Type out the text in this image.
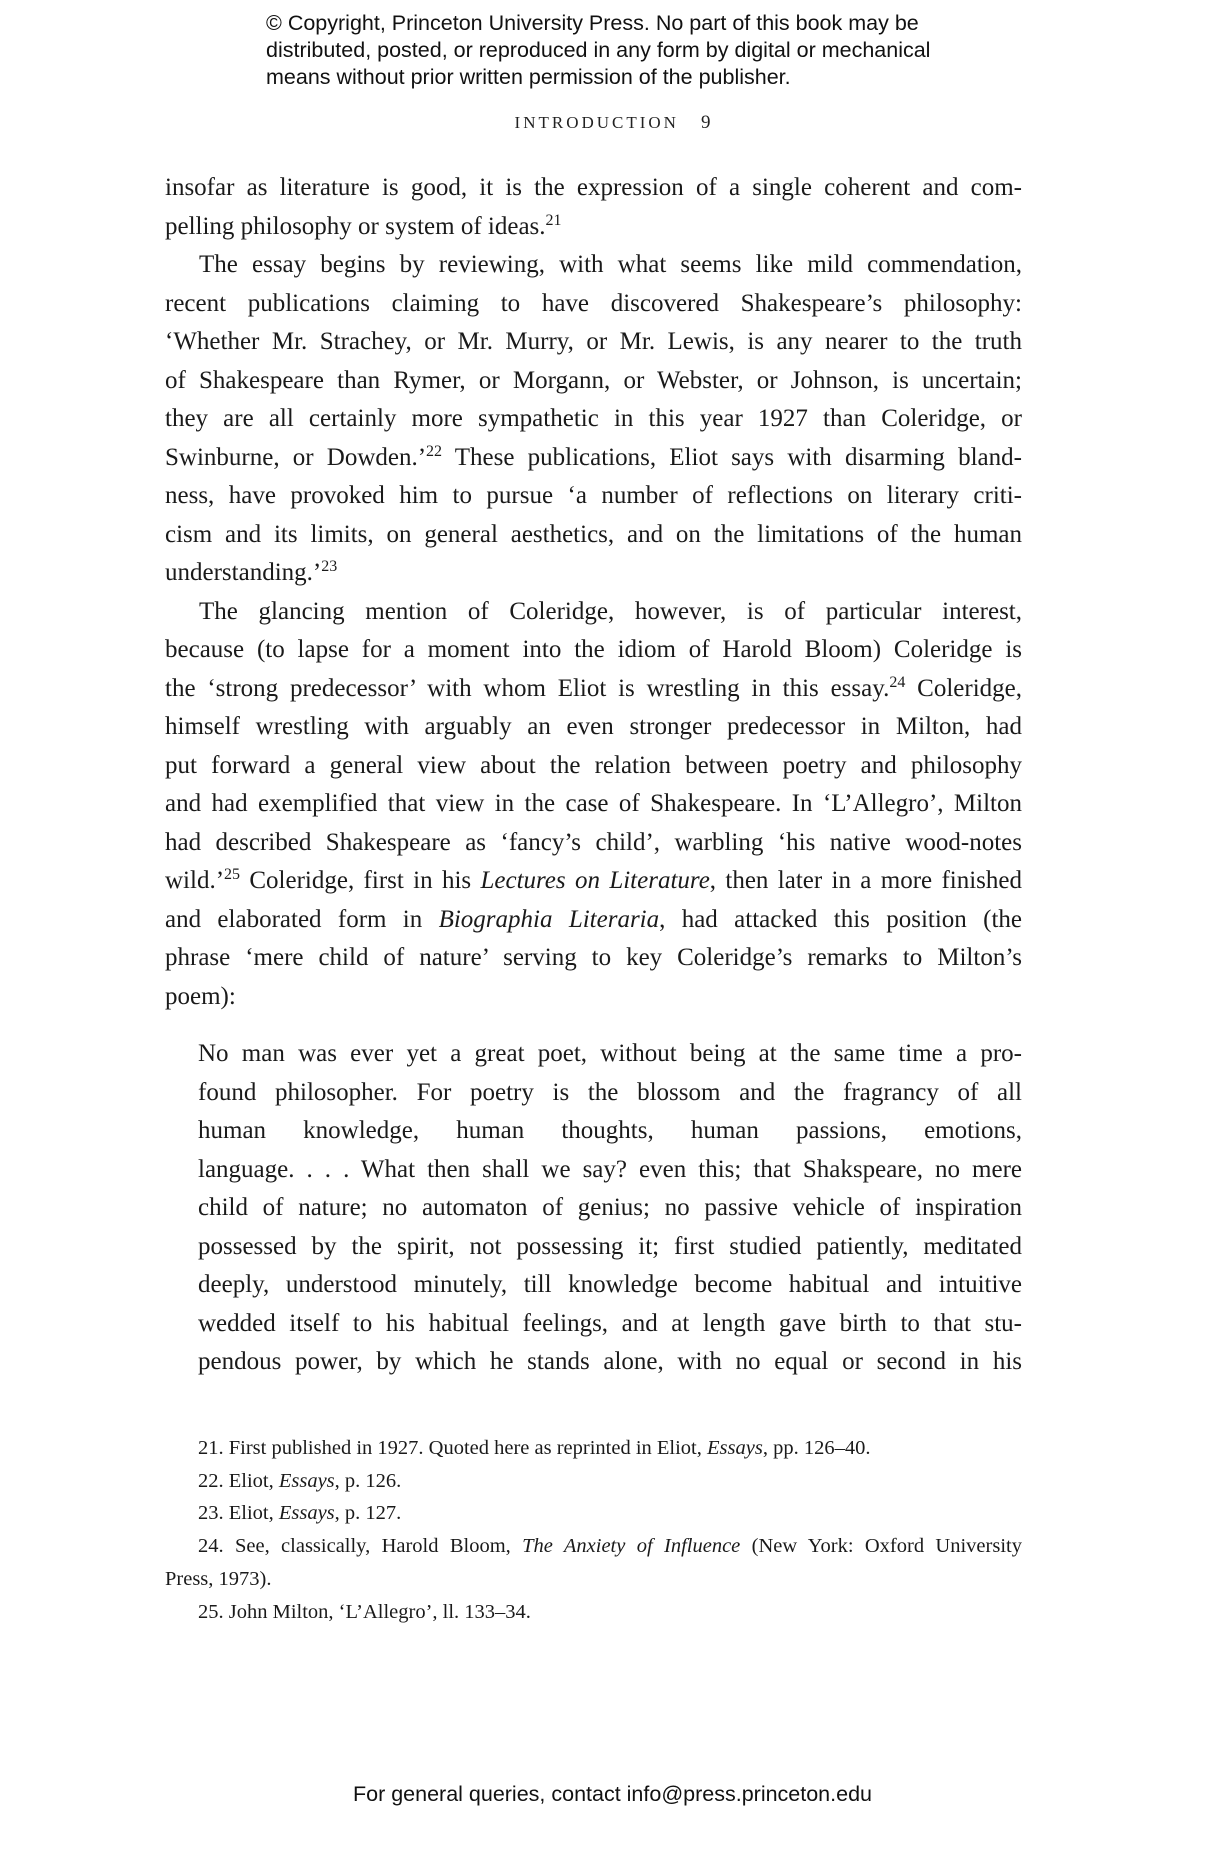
© Copyright, Princeton University Press. No part of this book may be
distributed, posted, or reproduced in any form by digital or mechanical
means without prior written permission of the publisher.
INTRODUCTION 9
insofar as literature is good, it is the expression of a single coherent and com-
pelling philosophy or system of ideas.$^{21}$
The essay begins by reviewing, with what seems like mild commendation,
recent publications claiming to have discovered Shakespeare’s philosophy:
‘Whether Mr. Strachey, or Mr. Murry, or Mr. Lewis, is any nearer to the truth
of Shakespeare than Rymer, or Morgann, or Webster, or Johnson, is uncertain;
they are all certainly more sympathetic in this year 1927 than Coleridge, or
Swinburne, or Dowden.’$^{22}$ These publications, Eliot says with disarming bland-
ness, have provoked him to pursue ‘a number of reflections on literary criti-
cism and its limits, on general aesthetics, and on the limitations of the human
understanding.’$^{23}$
The glancing mention of Coleridge, however, is of particular interest,
because (to lapse for a moment into the idiom of Harold Bloom) Coleridge is
the ‘strong predecessor’ with whom Eliot is wrestling in this essay.$^{24}$ Coleridge,
himself wrestling with arguably an even stronger predecessor in Milton, had
put forward a general view about the relation between poetry and philosophy
and had exemplified that view in the case of Shakespeare. In ‘L’Allegro’, Milton
had described Shakespeare as ‘fancy’s child’, warbling ‘his native wood-notes
wild.’$^{25}$ Coleridge, first in his Lectures on Literature, then later in a more finished
and elaborated form in Biographia Literaria, had attacked this position (the
phrase ‘mere child of nature’ serving to key Coleridge’s remarks to Milton’s
poem):
No man was ever yet a great poet, without being at the same time a pro-
found philosopher. For poetry is the blossom and the fragrancy of all
human knowledge, human thoughts, human passions, emotions,
language. . . . What then shall we say? even this; that Shakspeare, no mere
child of nature; no automaton of genius; no passive vehicle of inspiration
possessed by the spirit, not possessing it; first studied patiently, meditated
deeply, understood minutely, till knowledge become habitual and intuitive
wedded itself to his habitual feelings, and at length gave birth to that stu-
pendous power, by which he stands alone, with no equal or second in his
21. First published in 1927. Quoted here as reprinted in Eliot, Essays, pp. 126–40.
22. Eliot, Essays, p. 126.
23. Eliot, Essays, p. 127.
24. See, classically, Harold Bloom, The Anxiety of Influence (New York: Oxford University
Press, 1973).
25. John Milton, ‘L’Allegro’, ll. 133–34.
For general queries, contact info@press.princeton.edu
